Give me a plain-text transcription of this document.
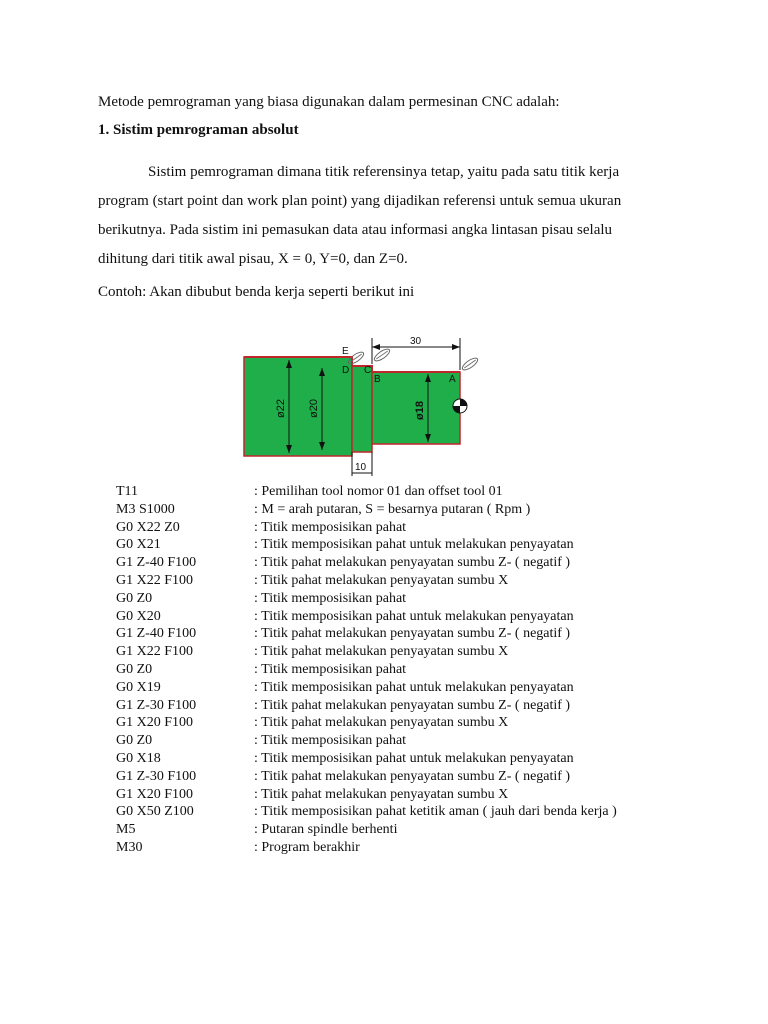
Metode pemrograman yang biasa digunakan dalam permesinan CNC adalah:
1. Sistim pemrograman absolut
Sistim pemrograman dimana titik referensinya tetap, yaitu pada satu titik kerja
program (start point dan work plan point) yang dijadikan referensi untuk semua ukuran
berikutnya. Pada sistim ini pemasukan data atau informasi angka lintasan pisau selalu
dihitung dari titik awal pisau, X = 0, Y=0, dan Z=0.
Contoh: Akan dibubut benda kerja seperti berikut ini
ø22 ø20	ø18
30
10
E
D C
B	A
T11	: Pemilihan tool nomor 01 dan offset tool 01
M3 S1000	: M = arah putaran, S = besarnya putaran ( Rpm )
G0 X22 Z0	: Titik memposisikan pahat
G0 X21	: Titik memposisikan pahat untuk melakukan penyayatan
G1 Z-40 F100	: Titik pahat melakukan penyayatan sumbu Z- ( negatif )
G1 X22 F100	: Titik pahat melakukan penyayatan sumbu X
G0 Z0	: Titik memposisikan pahat
G0 X20	: Titik memposisikan pahat untuk melakukan penyayatan
G1 Z-40 F100	: Titik pahat melakukan penyayatan sumbu Z- ( negatif )
G1 X22 F100	: Titik pahat melakukan penyayatan sumbu X
G0 Z0	: Titik memposisikan pahat
G0 X19	: Titik memposisikan pahat untuk melakukan penyayatan
G1 Z-30 F100	: Titik pahat melakukan penyayatan sumbu Z- ( negatif )
G1 X20 F100	: Titik pahat melakukan penyayatan sumbu X
G0 Z0	: Titik memposisikan pahat
G0 X18	: Titik memposisikan pahat untuk melakukan penyayatan
G1 Z-30 F100	: Titik pahat melakukan penyayatan sumbu Z- ( negatif )
G1 X20 F100	: Titik pahat melakukan penyayatan sumbu X
G0 X50 Z100	: Titik memposisikan pahat ketitik aman ( jauh dari benda kerja )
M5	: Putaran spindle berhenti
M30	: Program berakhir
